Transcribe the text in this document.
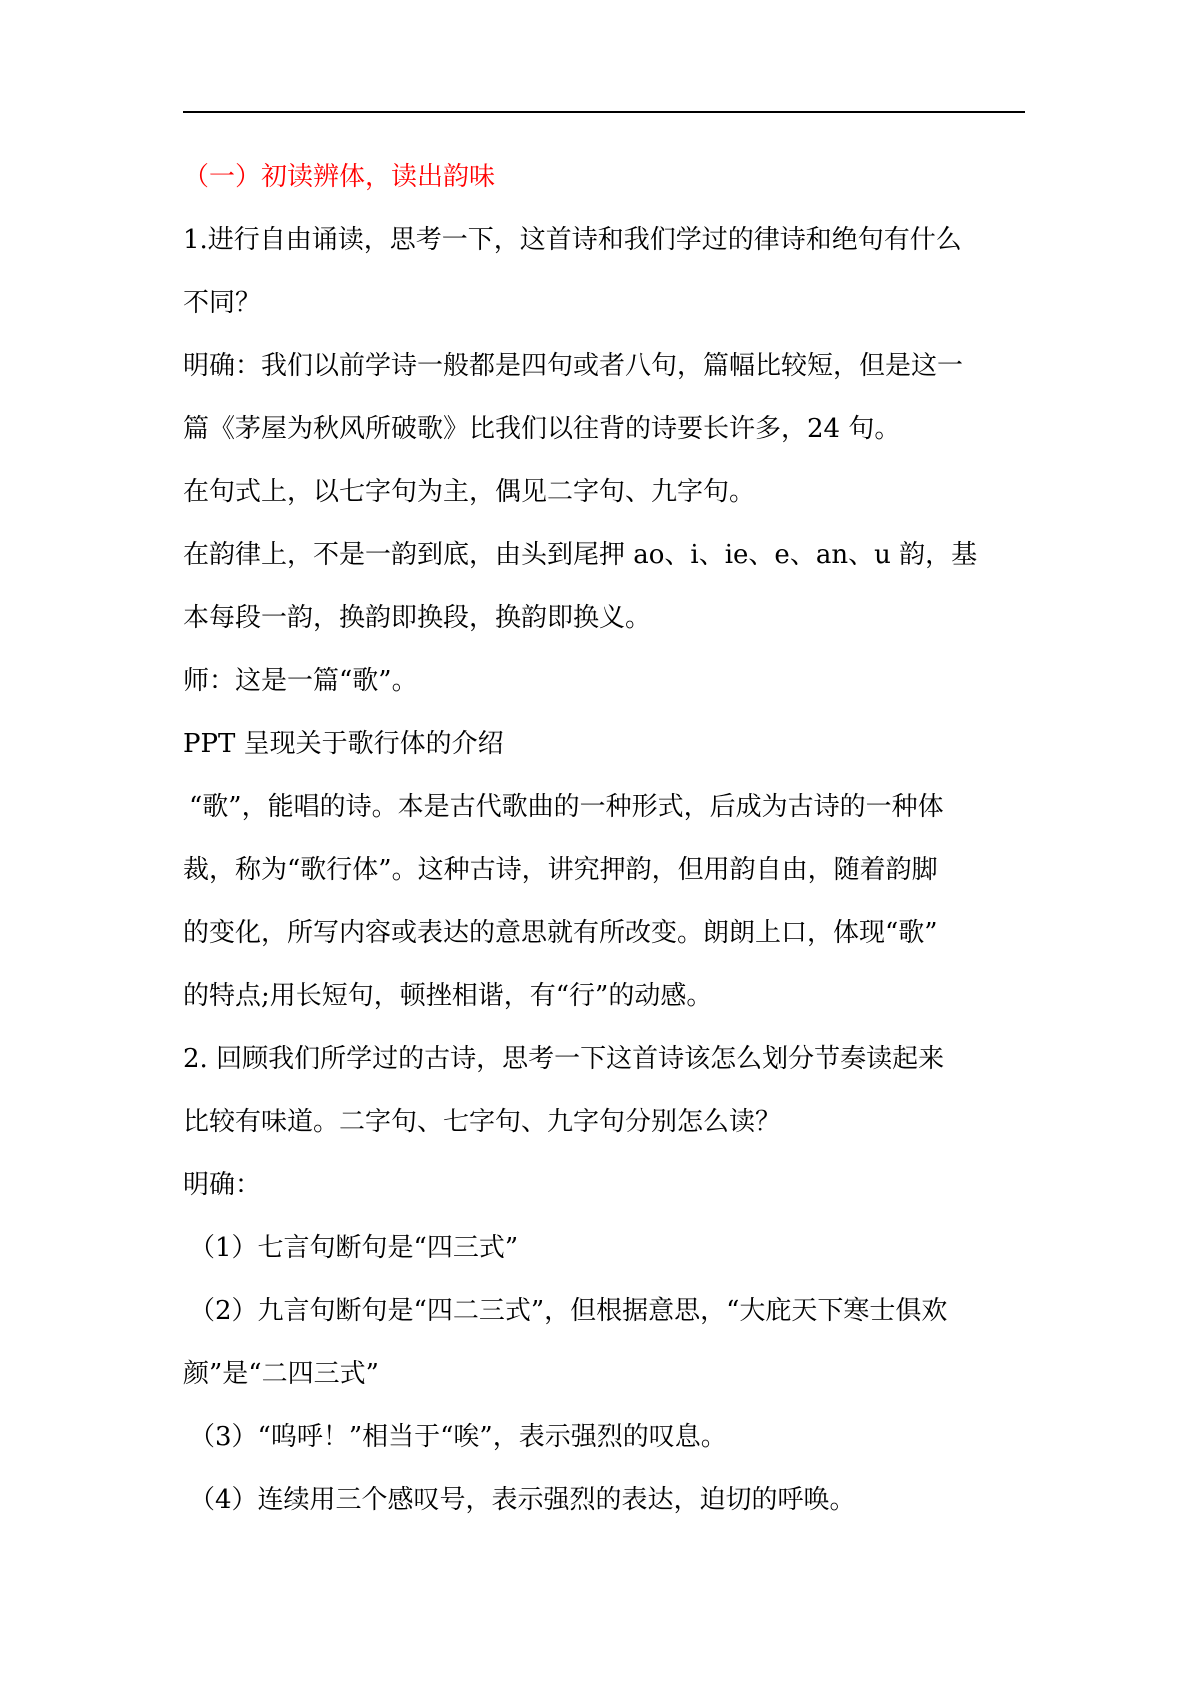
（一）初读辨体，读出韵味
1.进行自由诵读，思考一下，这首诗和我们学过的律诗和绝句有什么
不同？
明确：我们以前学诗一般都是四句或者八句，篇幅比较短，但是这一
篇《茅屋为秋风所破歌》比我们以往背的诗要长许多，24 句。
在句式上，以七字句为主，偶见二字句、九字句。
在韵律上，不是一韵到底，由头到尾押 ao、i、ie、e、an、u 韵，基
本每段一韵，换韵即换段，换韵即换义。
师：这是一篇“歌”。
PPT 呈现关于歌行体的介绍
“歌”，能唱的诗。本是古代歌曲的一种形式，后成为古诗的一种体
裁，称为“歌行体”。这种古诗，讲究押韵，但用韵自由，随着韵脚
的变化，所写内容或表达的意思就有所改变。朗朗上口，体现“歌”
的特点;用长短句，顿挫相谐，有“行”的动感。
2. 回顾我们所学过的古诗，思考一下这首诗该怎么划分节奏读起来
比较有味道。二字句、七字句、九字句分别怎么读？
明确：
（1）七言句断句是“四三式”
（2）九言句断句是“四二三式”，但根据意思，“大庇天下寒士俱欢
颜”是“二四三式”
（3）“呜呼！”相当于“唉”，表示强烈的叹息。
（4）连续用三个感叹号，表示强烈的表达，迫切的呼唤。
